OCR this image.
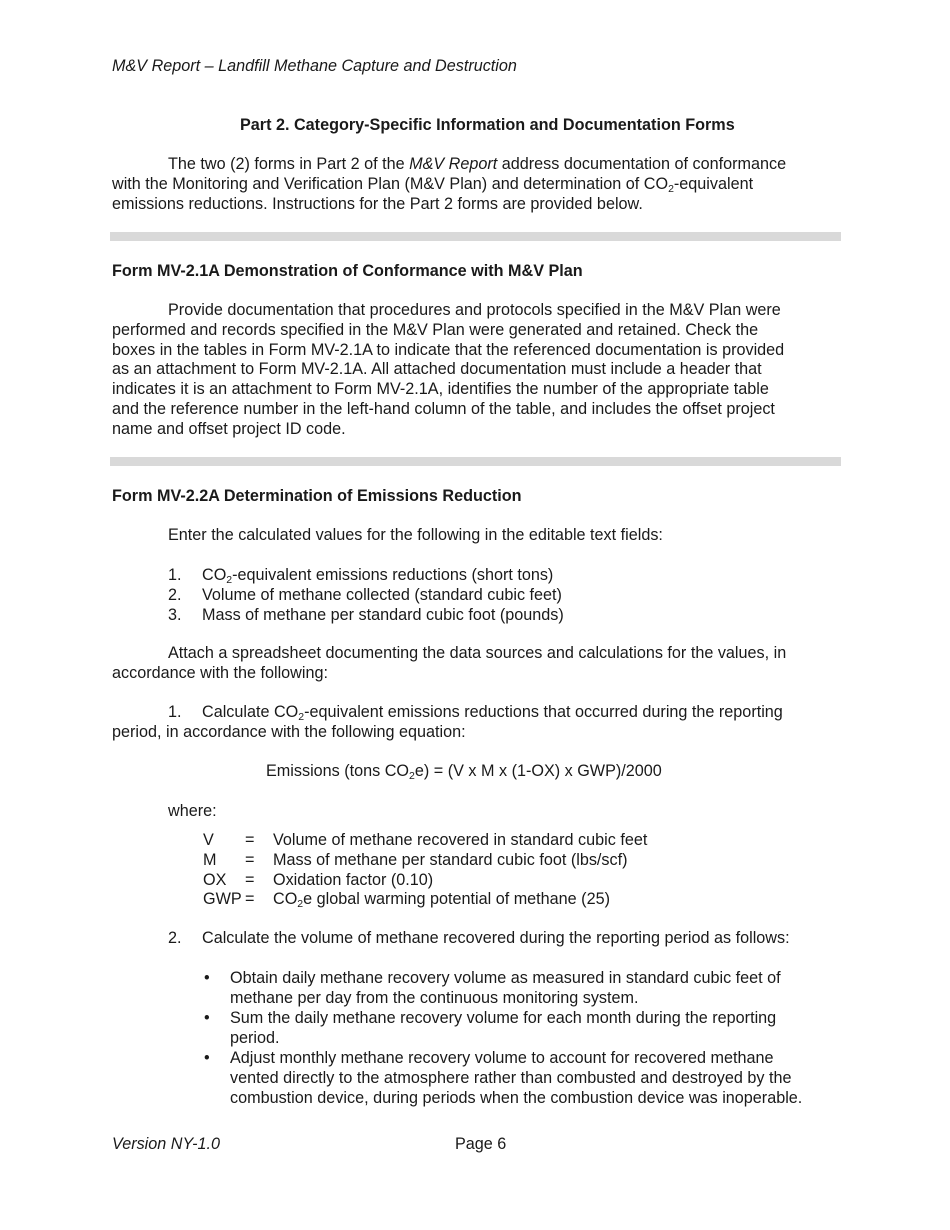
M&V Report – Landfill Methane Capture and Destruction
Part 2. Category-Specific Information and Documentation Forms
The two (2) forms in Part 2 of the M&V Report address documentation of conformance
with the Monitoring and Verification Plan (M&V Plan) and determination of $CO_2$-equivalent
emissions reductions. Instructions for the Part 2 forms are provided below.
Form MV-2.1A Demonstration of Conformance with M&V Plan
Provide documentation that procedures and protocols specified in the M&V Plan were
performed and records specified in the M&V Plan were generated and retained. Check the
boxes in the tables in Form MV-2.1A to indicate that the referenced documentation is provided
as an attachment to Form MV-2.1A. All attached documentation must include a header that
indicates it is an attachment to Form MV-2.1A, identifies the number of the appropriate table
and the reference number in the left-hand column of the table, and includes the offset project
name and offset project ID code.
Form MV-2.2A Determination of Emissions Reduction
Enter the calculated values for the following in the editable text fields:
1. $CO_2$-equivalent emissions reductions (short tons)
2. Volume of methane collected (standard cubic feet)
3. Mass of methane per standard cubic foot (pounds)
Attach a spreadsheet documenting the data sources and calculations for the values, in
accordance with the following:
1. Calculate $CO_2$-equivalent emissions reductions that occurred during the reporting
period, in accordance with the following equation:
Emissions (tons $CO_2e) = (V$ x M x (1-OX) x GWP)/2000
where:
V = Volume of methane recovered in standard cubic feet
M = Mass of methane per standard cubic foot (lbs/scf)
OX = Oxidation factor (0.10)
GWP = $CO_2e$ global warming potential of methane (25)
2. Calculate the volume of methane recovered during the reporting period as follows:
• Obtain daily methane recovery volume as measured in standard cubic feet of
methane per day from the continuous monitoring system.
• Sum the daily methane recovery volume for each month during the reporting
period.
• Adjust monthly methane recovery volume to account for recovered methane
vented directly to the atmosphere rather than combusted and destroyed by the
combustion device, during periods when the combustion device was inoperable.
Version NY-1.0	Page 6
